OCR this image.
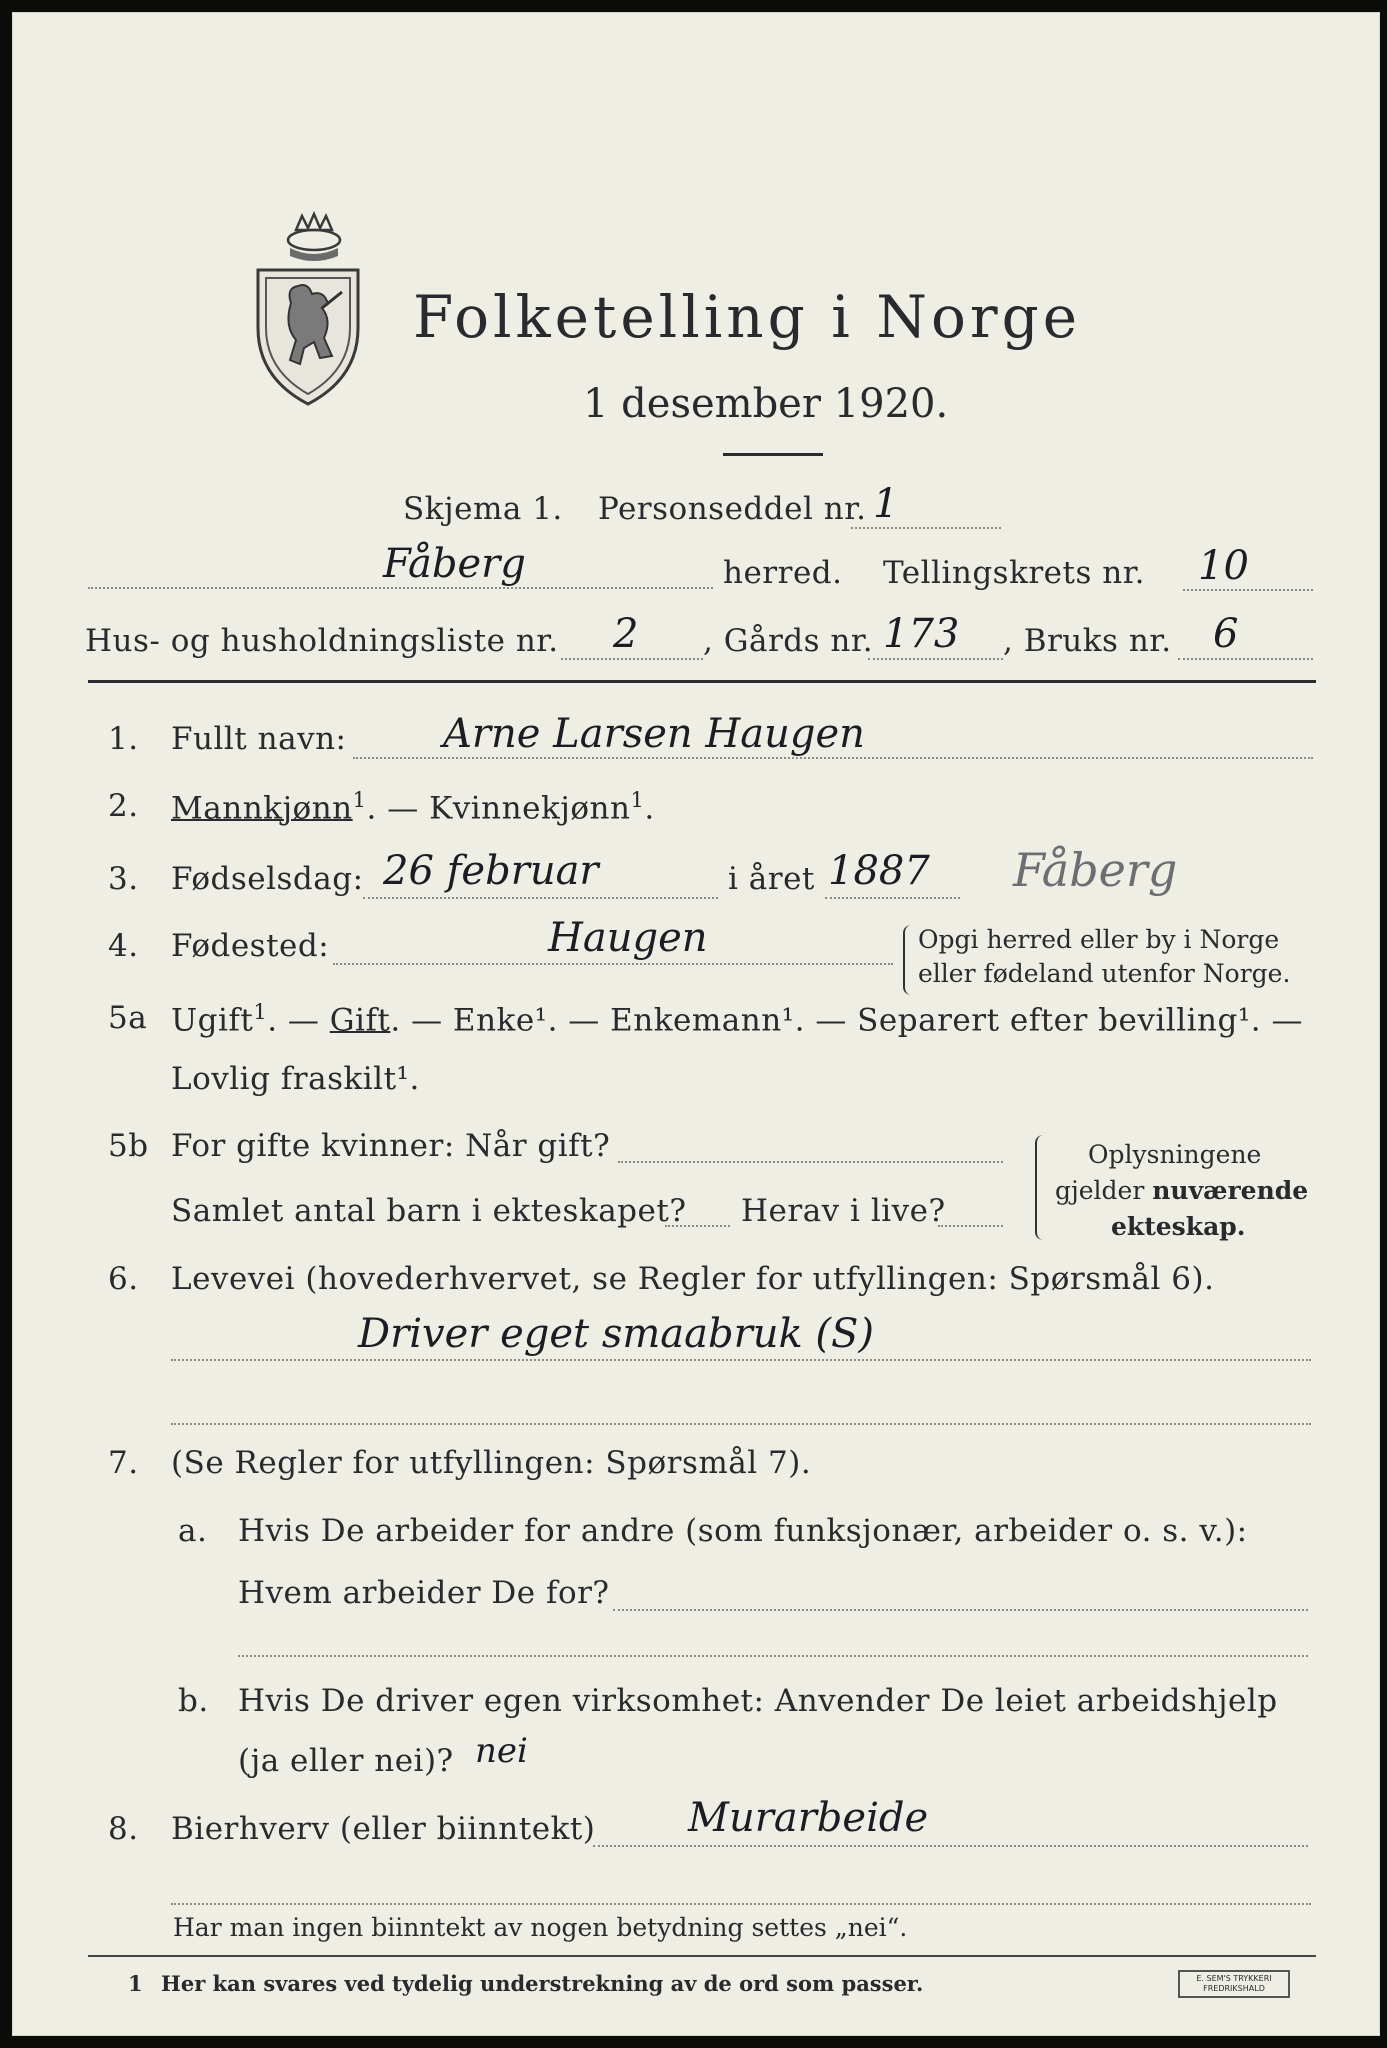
Folketelling i Norge
1 desember 1920.
Skjema 1. Personseddel nr. 1
Fåberg	herred. Tellingskrets nr. 10
Hus- og husholdningsliste nr. 2 , Gårds nr. 173 , Bruks nr. 6
1. Fullt navn: Arne Larsen Haugen
2. Mannkjønn$^1$. — Kvinnekjønn$^1$.
3. Fødselsdag: 26 februar	i året 1887 Fåberg
4. Fødested:	Haugen	Opgi herred eller by i Norge
eller fødeland utenfor Norge.
5a Ugift$^1$. — Gift. — Enke¹. — Enkemann¹. — Separert efter bevilling¹. —
Lovlig fraskilt¹.
5b For gifte kvinner: Når gift?
Samlet antal barn i ekteskapet? Herav i live?
Oplysningene
gjelder nuværende
ekteskap.
6. Levevei (hovederhvervet, se Regler for utfyllingen: Spørsmål 6).
Driver eget smaabruk (S)
7. (Se Regler for utfyllingen: Spørsmål 7).
a. Hvis De arbeider for andre (som funksjonær, arbeider o. s. v.):
Hvem arbeider De for?
b. Hvis De driver egen virksomhet: Anvender De leiet arbeidshjelp
(ja eller nei)? nei
8. Bierhverv (eller biinntekt) Murarbeide
Har man ingen biinntekt av nogen betydning settes „nei“.
1 Her kan svares ved tydelig understrekning av de ord som passer.	E. SEM'S TRYKKERI
FREDRIKSHALD
